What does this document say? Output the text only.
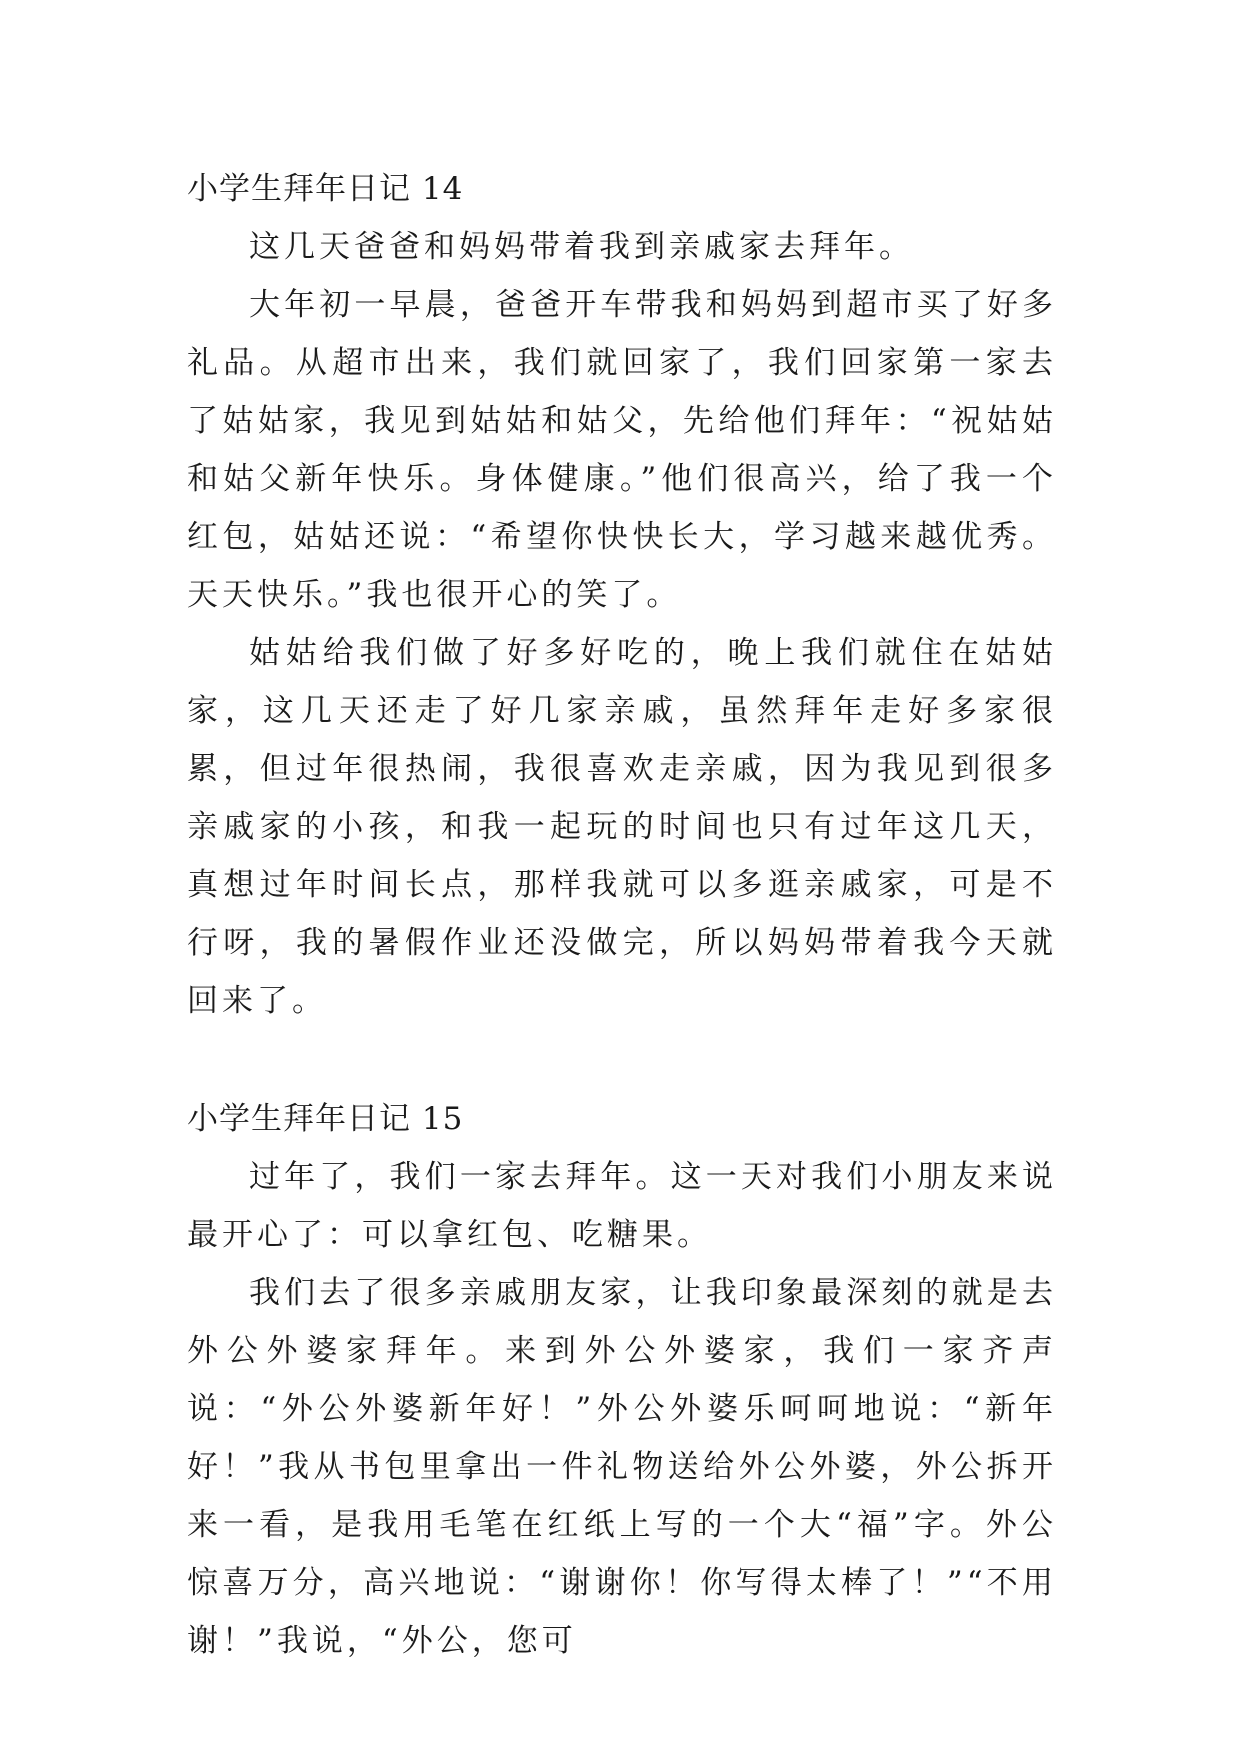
小学生拜年日记 14

这几天爸爸和妈妈带着我到亲戚家去拜年。

大年初一早晨，爸爸开车带我和妈妈到超市买了好多礼品。从超市出来，我们就回家了，我们回家第一家去了姑姑家，我见到姑姑和姑父，先给他们拜年：“祝姑姑和姑父新年快乐。身体健康。”他们很高兴，给了我一个红包，姑姑还说：“希望你快快长大，学习越来越优秀。天天快乐。”我也很开心的笑了。

姑姑给我们做了好多好吃的，晚上我们就住在姑姑家，这几天还走了好几家亲戚，虽然拜年走好多家很累，但过年很热闹，我很喜欢走亲戚，因为我见到很多亲戚家的小孩，和我一起玩的时间也只有过年这几天，真想过年时间长点，那样我就可以多逛亲戚家，可是不行呀，我的暑假作业还没做完，所以妈妈带着我今天就回来了。

小学生拜年日记 15

过年了，我们一家去拜年。这一天对我们小朋友来说最开心了：可以拿红包、吃糖果。

我们去了很多亲戚朋友家，让我印象最深刻的就是去外公外婆家拜年。来到外公外婆家，我们一家齐声说：“外公外婆新年好！”外公外婆乐呵呵地说：“新年好！”我从书包里拿出一件礼物送给外公外婆，外公拆开来一看，是我用毛笔在红纸上写的一个大“福”字。外公惊喜万分，高兴地说：“谢谢你！你写得太棒了！”“不用谢！”我说，“外公，您可
